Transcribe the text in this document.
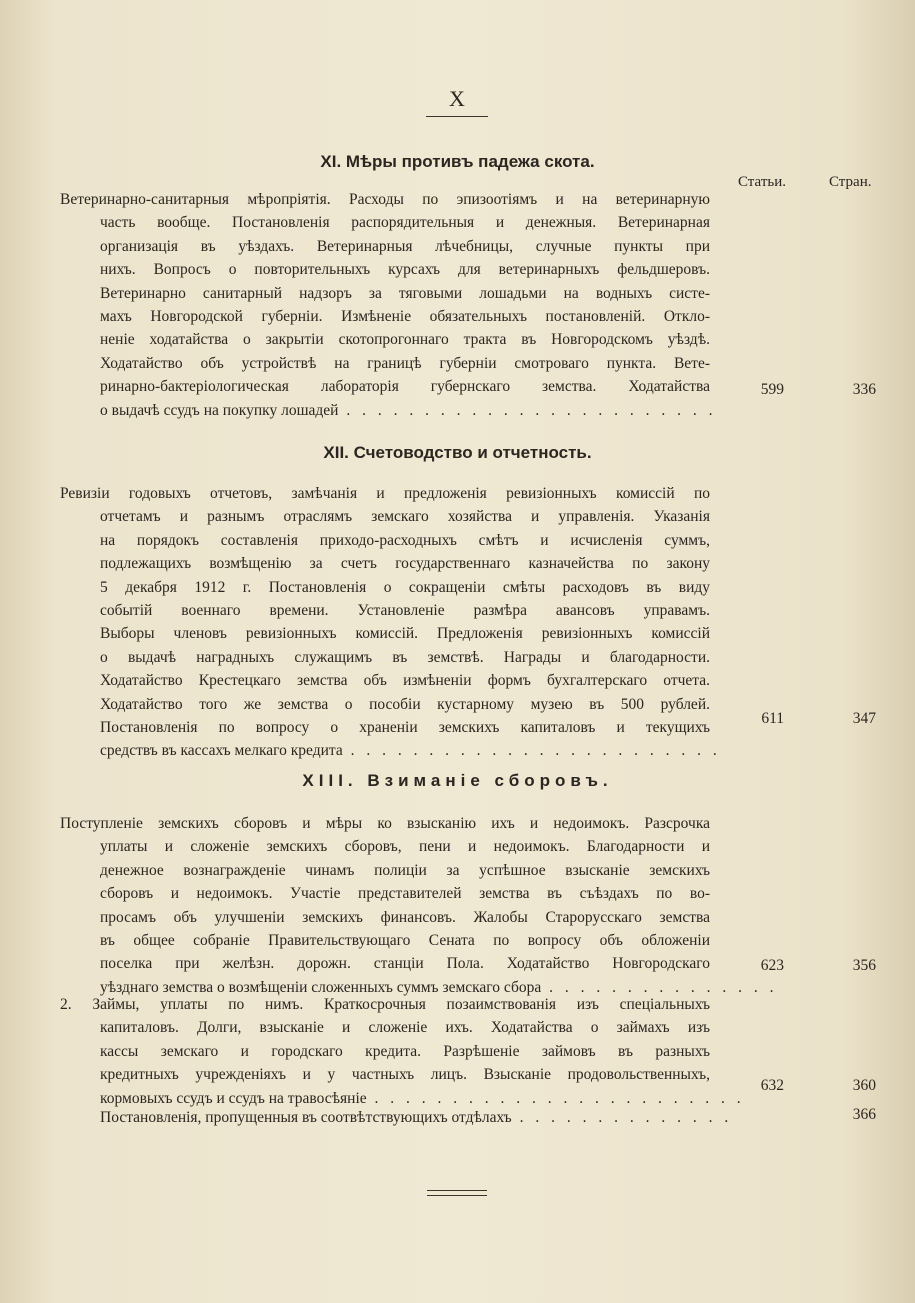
X
XI. Мѣры противъ падежа скота.
Статьи.	Стран.
Ветеринарно-санитарныя мѣропріятія. Расходы по эпизоотіямъ и на ветеринарную
часть вообще. Постановленія распорядительныя и денежныя. Ветеринарная
организація въ уѣздахъ. Ветеринарныя лѣчебницы, случные пункты при
нихъ. Вопросъ о повторительныхъ курсахъ для ветеринарныхъ фельдшеровъ.
Ветеринарно санитарный надзоръ за тяговыми лошадьми на водныхъ систе-
махъ Новгородской губерніи. Измѣненіе обязательныхъ постановленій. Откло-
неніе ходатайства о закрытіи скотопрогоннаго тракта въ Новгородскомъ уѣздѣ.
Ходатайство объ устройствѣ на границѣ губерніи смотроваго пункта. Вете-
ринарно-бактеріологическая лабораторія губернскаго земства. Ходатайства
о выдачѣ ссудъ на покупку лошадей . . . . . . . . . . . . . . . . . . . . . . . .
599	336
XII. Счетоводство и отчетность.
Ревизіи годовыхъ отчетовъ, замѣчанія и предложенія ревизіонныхъ комиссій по
отчетамъ и разнымъ отраслямъ земскаго хозяйства и управленія. Указанія
на порядокъ составленія приходо-расходныхъ смѣтъ и исчисленія суммъ,
подлежащихъ возмѣщенію за счетъ государственнаго казначейства по закону
5 декабря 1912 г. Постановленія о сокращеніи смѣты расходовъ въ виду
событій военнаго времени. Установленіе размѣра авансовъ управамъ.
Выборы членовъ ревизіонныхъ комиссій. Предложенія ревизіонныхъ комиссій
о выдачѣ наградныхъ служащимъ въ земствѣ. Награды и благодарности.
Ходатайство Крестецкаго земства объ измѣненіи формъ бухгалтерскаго отчета.
Ходатайство того же земства о пособіи кустарному музею въ 500 рублей.
Постановленія по вопросу о храненіи земскихъ капиталовъ и текущихъ
средствъ въ кассахъ мелкаго кредита . . . . . . . . . . . . . . . . . . . . . . . .
611	347
XIII. Взиманіе сборовъ.
Поступленіе земскихъ сборовъ и мѣры ко взысканію ихъ и недоимокъ. Разсрочка
уплаты и сложеніе земскихъ сборовъ, пени и недоимокъ. Благодарности и
денежное вознагражденіе чинамъ полиціи за успѣшное взысканіе земскихъ
сборовъ и недоимокъ. Участіе представителей земства въ съѣздахъ по во-
просамъ объ улучшеніи земскихъ финансовъ. Жалобы Старорусскаго земства
въ общее собраніе Правительствующаго Сената по вопросу объ обложеніи
поселка при желѣзн. дорожн. станціи Пола. Ходатайство Новгородскаго
уѣзднаго земства о возмѣщеніи сложенныхъ суммъ земскаго сбора . . . . . . . . . . . . . . .
623	356
2. Займы, уплаты по нимъ. Краткосрочныя позаимствованія изъ спеціальныхъ
капиталовъ. Долги, взысканіе и сложеніе ихъ. Ходатайства о займахъ изъ
кассы земскаго и городскаго кредита. Разрѣшеніе займовъ въ разныхъ
кредитныхъ учрежденіяхъ и у частныхъ лицъ. Взысканіе продовольственныхъ,
кормовыхъ ссудъ и ссудъ на травосѣяніе . . . . . . . . . . . . . . . . . . . . . . . .
632	360
Постановленія, пропущенныя въ соотвѣтствующихъ отдѣлахъ . . . . . . . . . . . . . .	366
